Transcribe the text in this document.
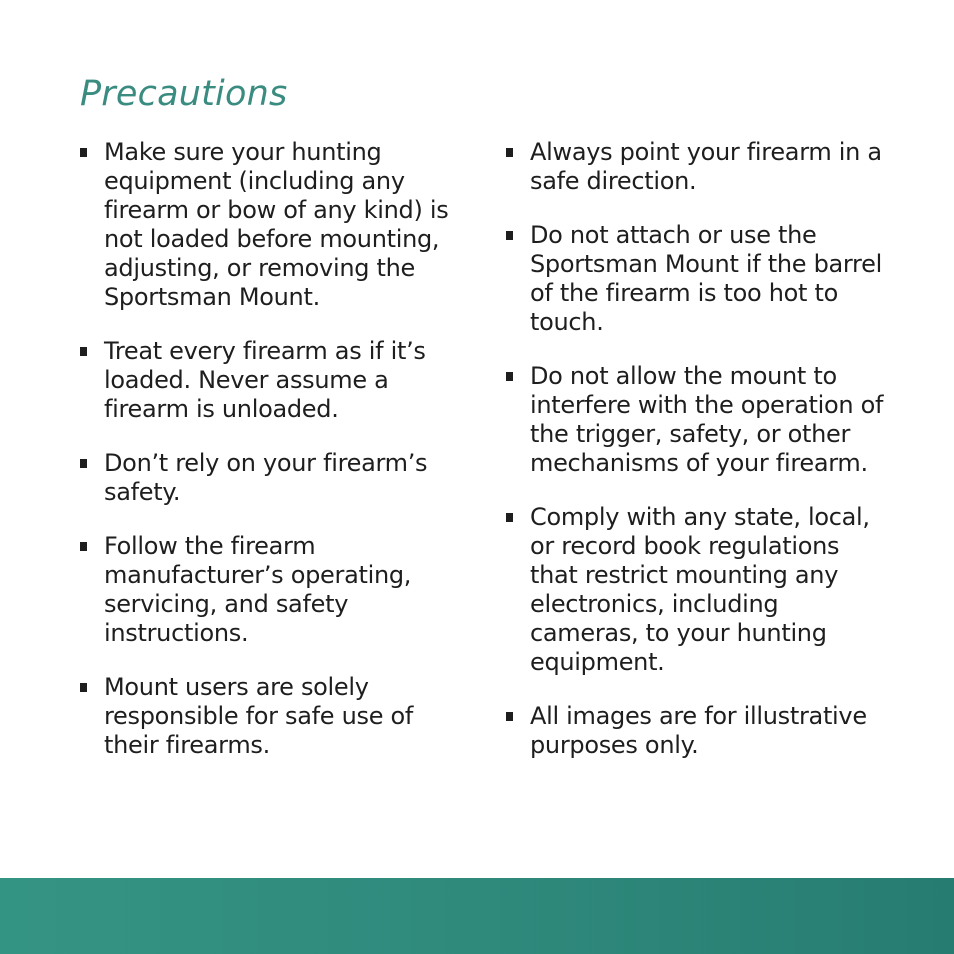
Precautions
Make sure your hunting equipment (including any firearm or bow of any kind) is not loaded before mounting, adjusting, or removing the Sportsman Mount.
Treat every firearm as if it’s loaded. Never assume a firearm is unloaded.
Don’t rely on your firearm’s safety.
Follow the firearm manufacturer’s operating, servicing, and safety instructions.
Mount users are solely responsible for safe use of their firearms.
Always point your firearm in a safe direction.
Do not attach or use the Sportsman Mount if the barrel of the firearm is too hot to touch.
Do not allow the mount to interfere with the operation of the trigger, safety, or other mechanisms of your firearm.
Comply with any state, local, or record book regulations that restrict mounting any electronics, including cameras, to your hunting equipment.
All images are for illustrative purposes only.
